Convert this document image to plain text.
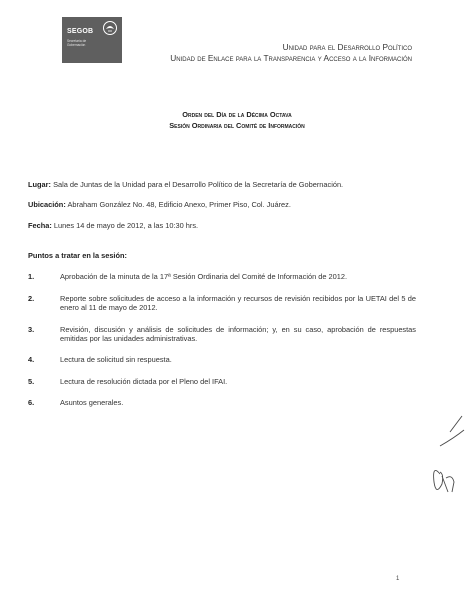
SEGOB
Secretaría de Gobernación	Unidad para el Desarrollo Político
Unidad de Enlace para la Transparencia y Acceso a la Información
Orden del Día de la Décima Octava
Sesión Ordinaria del Comité de Información
Lugar: Sala de Juntas de la Unidad para el Desarrollo Político de la Secretaría de Gobernación.
Ubicación: Abraham González No. 48, Edificio Anexo, Primer Piso, Col. Juárez.
Fecha: Lunes 14 de mayo de 2012, a las 10:30 hrs.
Puntos a tratar en la sesión:
1.	Aprobación de la minuta de la 17ª Sesión Ordinaria del Comité de Información de 2012.
2.	Reporte sobre solicitudes de acceso a la información y recursos de revisión recibidos por la UETAI del 5 de enero al 11 de mayo de 2012.
3.	Revisión, discusión y análisis de solicitudes de información; y, en su caso, aprobación de respuestas emitidas por las unidades administrativas.
4.	Lectura de solicitud sin respuesta.
5.	Lectura de resolución dictada por el Pleno del IFAI.
6.	Asuntos generales.
1
